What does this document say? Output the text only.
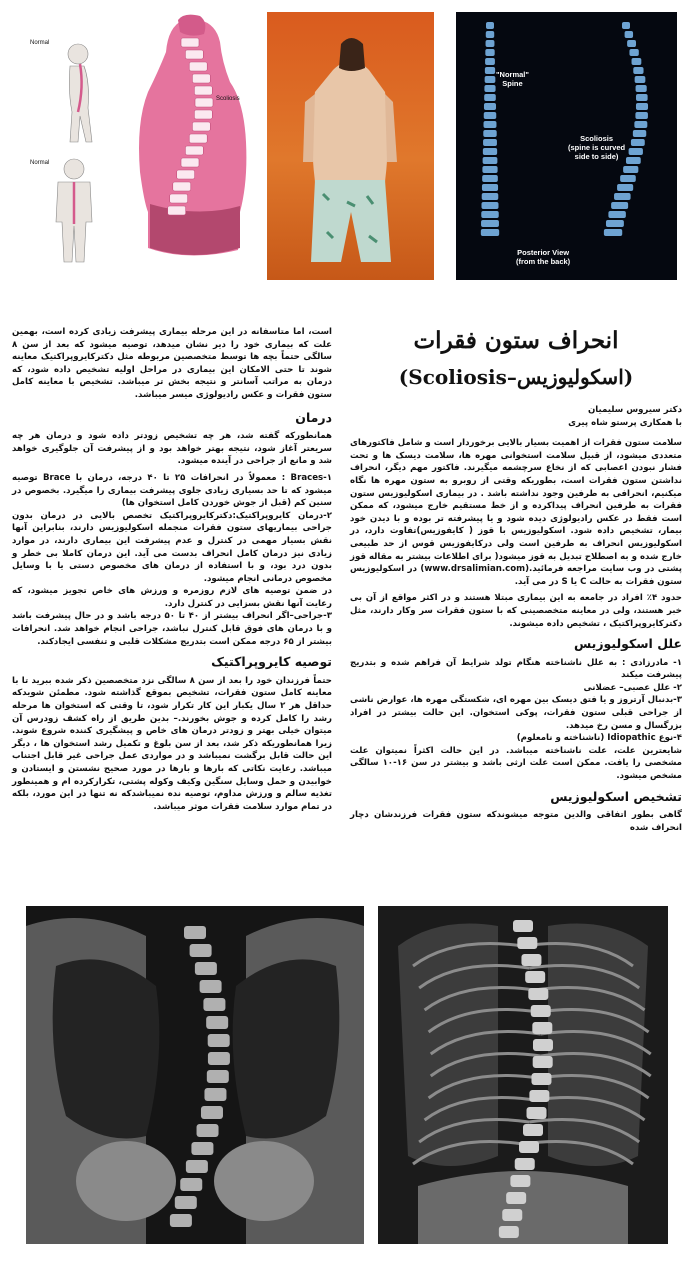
Normal
Normal
Scoliosis
"Normal"
Spine
Scoliosis
(spine is curved
side to side)
Posterior View
(from the back)
انحراف ستون فقرات
(اسکولیوزیس–Scoliosis)
دکتر سیروس سلیمیان
با همکاری پرستو شاه پیری

سلامت ستون فقرات از اهمیت بسیار بالایی برخوردار است و شامل فاکتورهای متعددی میشود، از قبیل سلامت استخوانی مهره ها، سلامت دیسک ها و تحت فشار نبودن اعصابی که از نخاع سرچشمه میگیرند. فاکتور مهم دیگر، انحراف نداشتن ستون فقرات است، بطوریکه وقتی از روبرو به ستون مهره ها نگاه میکنیم، انحرافی به طرفین وجود نداشته باشد . در بیماری اسکولیوزیس ستون فقرات به طرفین انحراف پیداکرده و از خط مستقیم خارج میشود، که ممکن است فقط در عکس رادیولوژی دیده شود و یا پیشرفته تر بوده و با دیدن خود بیمار، تشخیص داده شود. اسکولیوزیس با قوز ( کایفوزیس)تفاوت دارد، در اسکولیوزیس انحراف به طرفین است ولی درکایفوزیس قوس از حد طبیعی خارج شده و به اصطلاح تبدیل به قوز میشود( برای اطلاعات بیشتر به مقاله قوز پشتی در وب سایت مراجعه فرمائید.(www.drsalimian.com) در اسکولیوزیس ستون فقرات به حالت C یا S در می آید.

حدود ۴٪ افراد در جامعه به این بیماری مبتلا هستند و در اکثر مواقع از آن بی خبر هستند، ولی در معاینه متخصصینی که با ستون فقرات سر وکار دارند، مثل دکترکایروپراکتیک ، تشخیص داده میشوند.

علل اسکولیوزیس

۱- مادرزادی : به علل ناشناخته هنگام تولد شرایط آن فراهم شده و بتدریج پیشرفت میکند

۲- علل عصبی– عضلانی

۳-بدنبال آرتروز و یا فتق دیسک بین مهره ای، شکستگی مهره ها، عوارض ناشی از جراحی قبلی ستون فقرات، پوکی استخوان. این حالت بیشتر در افراد بزرگسال و مسن رخ میدهد.

۴-نوع Idiopathic (ناشناخته و نامعلوم)

شایعترین علت، علت ناشناخته میباشد. در این حالت اکثراً نمیتوان علت مشخصی را یافت. ممکن است علت ارثی باشد و بیشتر در سن ۱۶-۱۰ سالگی مشخص میشود.

تشخیص اسکولیوزیس

گاهی بطور اتفاقی والدین متوجه میشوندکه ستون فقرات فرزندشان دچار انحراف شده

است، اما متاسفانه در این مرحله بیماری پیشرفت زیادی کرده است، بهمین علت که بیماری خود را دیر نشان میدهد، توصیه میشود که بعد از سن ۸ سالگی حتماً بچه ها توسط متخصصین مربوطه مثل دکترکایروپراکتیک معاینه شوند تا حتی الامکان این بیماری در مراحل اولیه تشخیص داده شود، که درمان به مراتب آسانتر و نتیجه بخش تر میباشد. تشخیص با معاینه کامل ستون فقرات و عکس رادیولوژی میسر میباشد.

درمان

همانطورکه گفته شد، هر چه تشخیص زودتر داده شود و درمان هر چه سریعتر آغاز شود، نتیجه بهتر خواهد بود و از پیشرفت آن جلوگیری خواهد شد و مانع از جراحی در آینده میشود.

۱-Braces : معمولاً در انحرافات ۲۵ تا ۴۰ درجه، درمان با Brace توصیه میشود که تا حد بسیاری زیادی جلوی پیشرفت بیماری را میگیرد. بخصوص در سنین کم (قبل از جوش خوردن کامل استخوان ها)

۲-درمان کایروپراکتیک:دکترکایروپراکتیک تخصص بالایی در درمان بدون جراحی بیماریهای ستون فقرات منجمله اسکولیوزیس دارند، بنابراین آنها نقش بسیار مهمی در کنترل و عدم پیشرفت این بیماری دارند، در موارد زیادی نیز درمان کامل انحراف بدست می آید. این درمان کاملا بی خطر و بدون درد بود، و با استفاده از درمان های مخصوص دستی یا با وسایل مخصوص درمانی انجام میشود.

در ضمن توصیه های لازم روزمره و ورزش های خاص تجویز میشود، که رعایت آنها نقش بسزایی در کنترل دارد.

۳-جراحی–اگر انحراف بیشتر از ۴۰ تا ۵۰ درجه باشد و در حال پیشرفت باشد و با درمان های فوق قابل کنترل نباشد، جراحی انجام خواهد شد. انحرافات بیشتر از ۶۵ درجه ممکن است بتدریج مشکلات قلبی و تنفسی ایجادکند.

توصیه کایروپراکتیک

حتماً فرزندان خود را بعد از سن ۸ سالگی نزد متخصصین ذکر شده ببرید تا با معاینه کامل ستون فقرات، تشخیص بموقع گذاشته شود. مطمئن شویدکه حداقل هر ۲ سال یکبار این کار تکرار شود، تا وقتی که استخوان ها مرحله رشد را کامل کرده و جوش بخورند.– بدین طریق از راه کشف زودرس آن میتوان خیلی بهتر و زودتر درمان های خاص و پیشگیری کننده شروع شوند. زیرا همانطوریکه ذکر شد، بعد از سن بلوغ و تکمیل رشد استخوان ها ، دیگر این حالت قابل برگشت نمیباشد و در مواردی عمل جراحی غیر قابل اجتناب میباشد. رعایت نکاتی که بارها و بارها در مورد صحیح نشستن و ایستادن و خوابیدن و حمل وسایل سنگین وکیف وکوله پشتی، تکرارکرده ام و همینطور تغذیه سالم و ورزش مداوم، توصیه نده نمیباشدکه نه تنها در این مورد، بلکه در تمام موارد سلامت فقرات موثر میباشد.
